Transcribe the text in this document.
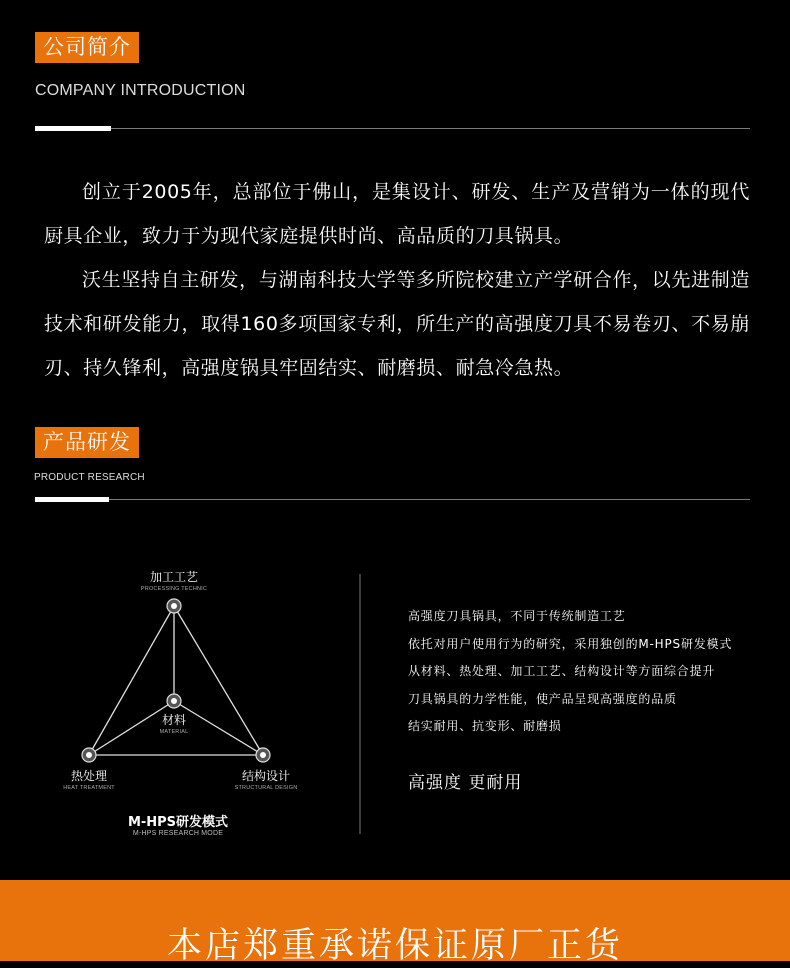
公司简介
COMPANY INTRODUCTION

创立于2005年，总部位于佛山，是集设计、研发、生产及营销为一体的现代厨具企业，致力于为现代家庭提供时尚、高品质的刀具锅具。

沃生坚持自主研发，与湖南科技大学等多所院校建立产学研合作，以先进制造技术和研发能力，取得160多项国家专利，所生产的高强度刀具不易卷刃、不易崩刃、持久锋利，高强度锅具牢固结实、耐磨损、耐急冷急热。

产品研发
PRODUCT RESEARCH
加工工艺
PROCESSING TECHNIC
材料
MATERIAL
热处理
HEAT TREATMENT
结构设计
STRUCTURAL DESIGN
M-HPS研发模式
M-HPS RESEARCH MODE
高强度刀具锅具，不同于传统制造工艺
依托对用户使用行为的研究，采用独创的M-HPS研发模式
从材料、热处理、加工工艺、结构设计等方面综合提升
刀具锅具的力学性能，使产品呈现高强度的品质
结实耐用、抗变形、耐磨损
高强度 更耐用
本店郑重承诺保证原厂正货
